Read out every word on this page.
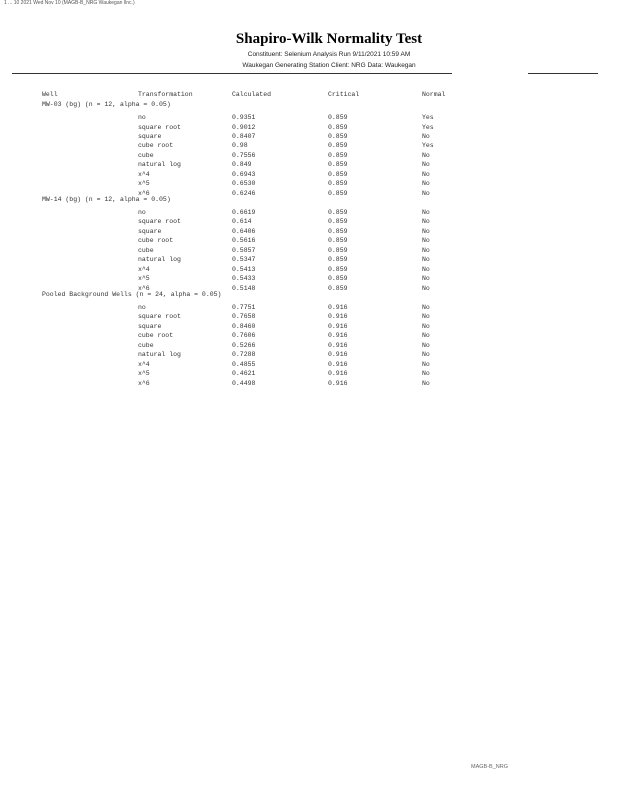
1 ... 10 2021 Wed Nov 10 (MAGB-B_NRG Waukegan Ilnc.)
Shapiro-Wilk Normality Test
Constituent: Selenium Analysis Run 9/11/2021 10:59 AM
Waukegan Generating Station Client: NRG Data: Waukegan
Well	Transformation	Calculated	Critical	Normal
MW-03 (bg) (n = 12, alpha = 0.05)
no	0.9351	0.859	Yes
square root	0.9012	0.859	Yes
square	0.8407	0.859	No
cube root	0.98	0.859	Yes
cube	0.7556	0.859	No
natural log	0.849	0.859	No
x^4	0.6943	0.859	No
x^5	0.6530	0.859	No
x^6	0.6246	0.859	No
MW-14 (bg) (n = 12, alpha = 0.05)
no	0.6619	0.859	No
square root	0.614	0.859	No
square	0.6406	0.859	No
cube root	0.5616	0.859	No
cube	0.5857	0.859	No
natural log	0.5347	0.859	No
x^4	0.5413	0.859	No
x^5	0.5433	0.859	No
x^6	0.5148	0.859	No
Pooled Background Wells (n = 24, alpha = 0.05)
no	0.7751	0.916	No
square root	0.7658	0.916	No
square	0.8460	0.916	No
cube root	0.7606	0.916	No
cube	0.5266	0.916	No
natural log	0.7288	0.916	No
x^4	0.4855	0.916	No
x^5	0.4621	0.916	No
x^6	0.4498	0.916	No
MAGB-B_NRG
